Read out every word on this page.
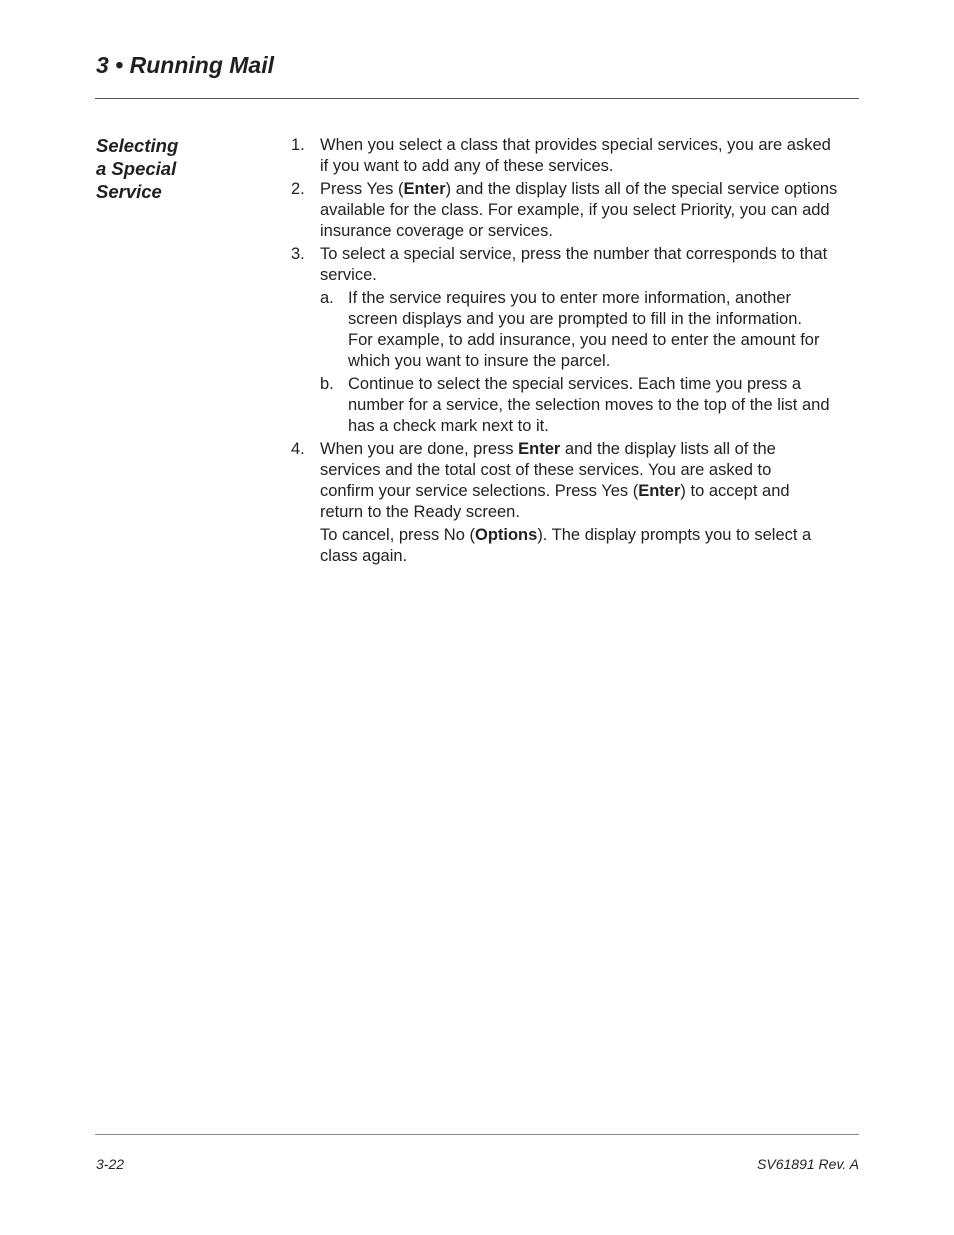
3 • Running Mail
Selecting
a Special
Service
1. When you select a class that provides special services, you are asked
if you want to add any of these services.
2. Press Yes (Enter) and the display lists all of the special service options
available for the class. For example, if you select Priority, you can add
insurance coverage or services.
3. To select a special service, press the number that corresponds to that
service.
a. If the service requires you to enter more information, another
screen displays and you are prompted to fill in the information.
For example, to add insurance, you need to enter the amount for
which you want to insure the parcel.
b. Continue to select the special services. Each time you press a
number for a service, the selection moves to the top of the list and
has a check mark next to it.
4. When you are done, press Enter and the display lists all of the
services and the total cost of these services. You are asked to
confirm your service selections. Press Yes (Enter) to accept and
return to the Ready screen.
To cancel, press No (Options). The display prompts you to select a
class again.
3-22	SV61891 Rev. A
